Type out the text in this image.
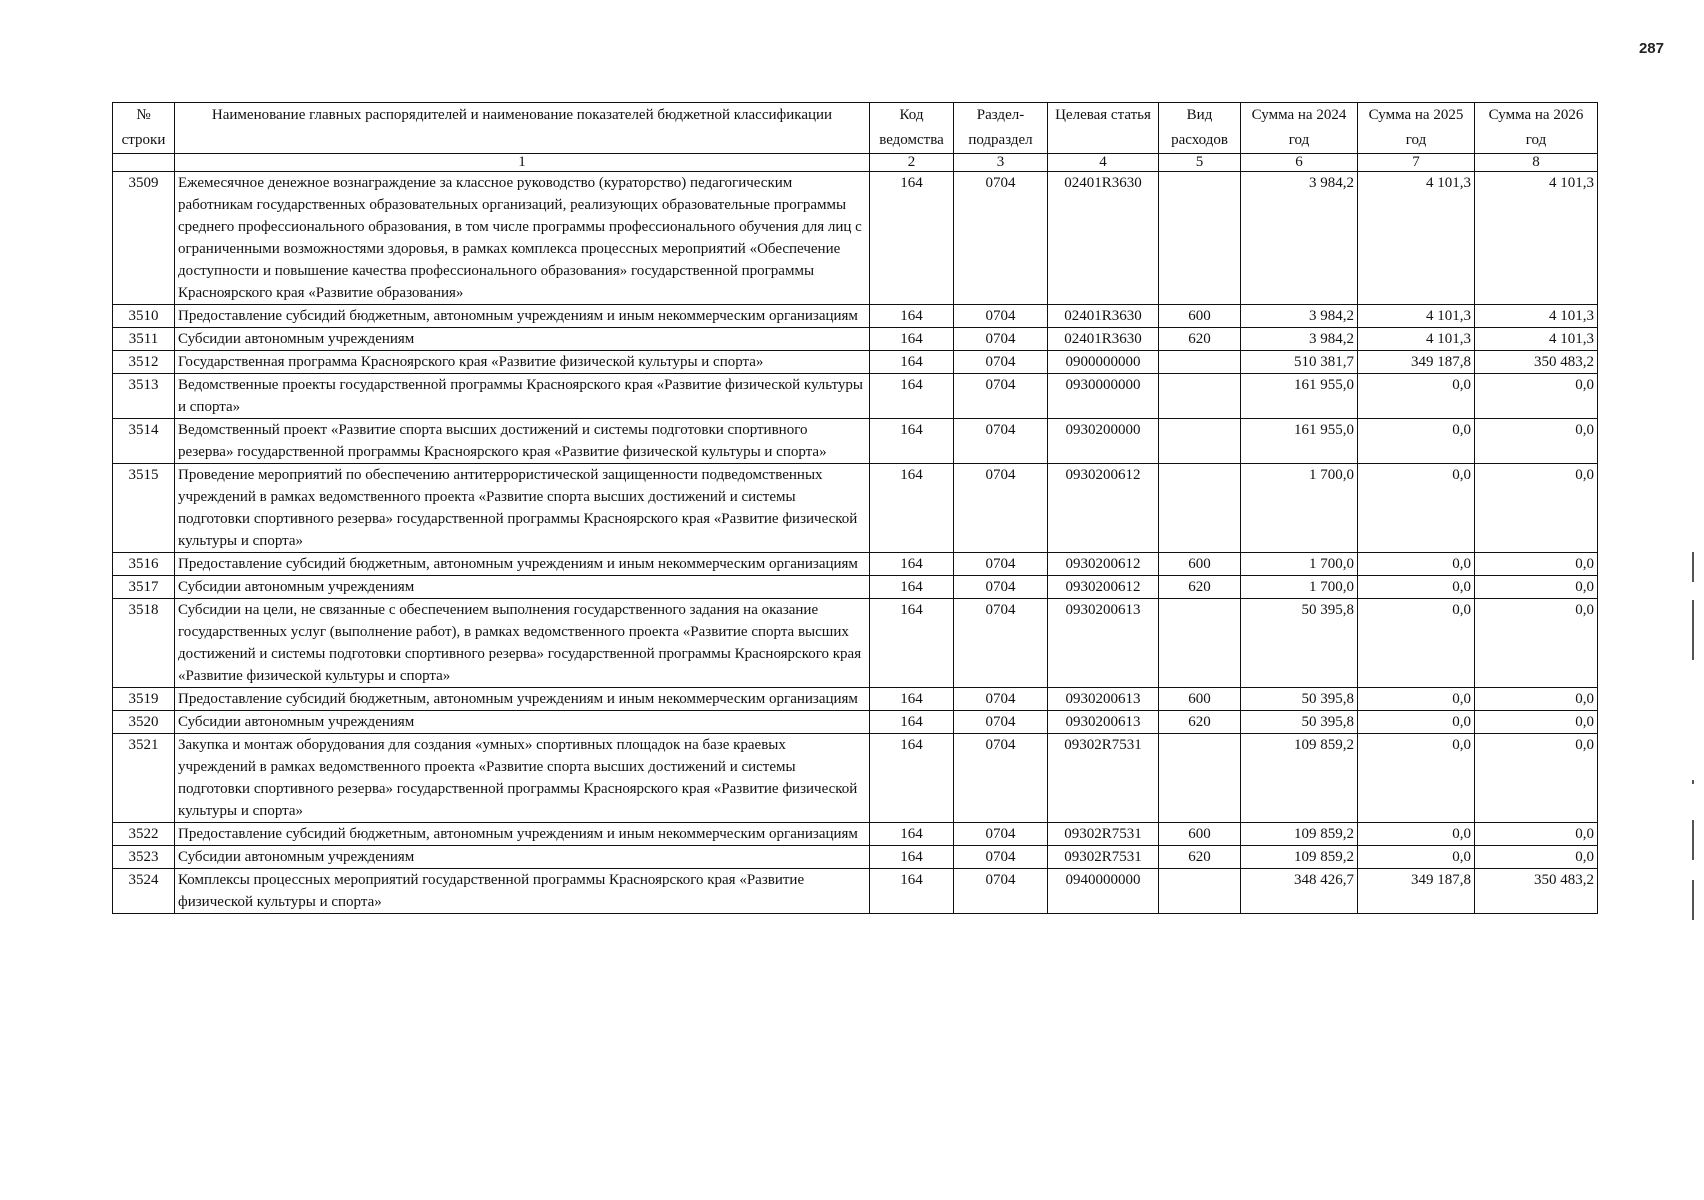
287
№ строки	Наименование главных распорядителей и наименование показателей бюджетной классификации	Код ведомства	Раздел-подраздел	Целевая статья	Вид расходов	Сумма на 2024 год	Сумма на 2025 год	Сумма на 2026 год
	1	2	3	4	5	6	7	8
3509	Ежемесячное денежное вознаграждение за классное руководство (кураторство) педагогическим работникам государственных образовательных организаций, реализующих образовательные программы среднего профессионального образования, в том числе программы профессионального обучения для лиц с ограниченными возможностями здоровья, в рамках комплекса процессных мероприятий «Обеспечение доступности и повышение качества профессионального образования» государственной программы Красноярского края «Развитие образования»	164	0704	02401R3630		3 984,2	4 101,3	4 101,3
3510	Предоставление субсидий бюджетным, автономным учреждениям и иным некоммерческим организациям	164	0704	02401R3630	600	3 984,2	4 101,3	4 101,3
3511	Субсидии автономным учреждениям	164	0704	02401R3630	620	3 984,2	4 101,3	4 101,3
3512	Государственная программа Красноярского края «Развитие физической культуры и спорта»	164	0704	0900000000		510 381,7	349 187,8	350 483,2
3513	Ведомственные проекты государственной программы Красноярского края «Развитие физической культуры и спорта»	164	0704	0930000000		161 955,0	0,0	0,0
3514	Ведомственный проект «Развитие спорта высших достижений и системы подготовки спортивного резерва» государственной программы Красноярского края «Развитие физической культуры и спорта»	164	0704	0930200000		161 955,0	0,0	0,0
3515	Проведение мероприятий по обеспечению антитеррористической защищенности подведомственных учреждений в рамках ведомственного проекта «Развитие спорта высших достижений и системы подготовки спортивного резерва» государственной программы Красноярского края «Развитие физической культуры и спорта»	164	0704	0930200612		1 700,0	0,0	0,0
3516	Предоставление субсидий бюджетным, автономным учреждениям и иным некоммерческим организациям	164	0704	0930200612	600	1 700,0	0,0	0,0
3517	Субсидии автономным учреждениям	164	0704	0930200612	620	1 700,0	0,0	0,0
3518	Субсидии на цели, не связанные с обеспечением выполнения государственного задания на оказание государственных услуг (выполнение работ), в рамках ведомственного проекта «Развитие спорта высших достижений и системы подготовки спортивного резерва» государственной программы Красноярского края «Развитие физической культуры и спорта»	164	0704	0930200613		50 395,8	0,0	0,0
3519	Предоставление субсидий бюджетным, автономным учреждениям и иным некоммерческим организациям	164	0704	0930200613	600	50 395,8	0,0	0,0
3520	Субсидии автономным учреждениям	164	0704	0930200613	620	50 395,8	0,0	0,0
3521	Закупка и монтаж оборудования для создания «умных» спортивных площадок на базе краевых учреждений в рамках ведомственного проекта «Развитие спорта высших достижений и системы подготовки спортивного резерва» государственной программы Красноярского края «Развитие физической культуры и спорта»	164	0704	09302R7531		109 859,2	0,0	0,0
3522	Предоставление субсидий бюджетным, автономным учреждениям и иным некоммерческим организациям	164	0704	09302R7531	600	109 859,2	0,0	0,0
3523	Субсидии автономным учреждениям	164	0704	09302R7531	620	109 859,2	0,0	0,0
3524	Комплексы процессных мероприятий государственной программы Красноярского края «Развитие физической культуры и спорта»	164	0704	0940000000		348 426,7	349 187,8	350 483,2
